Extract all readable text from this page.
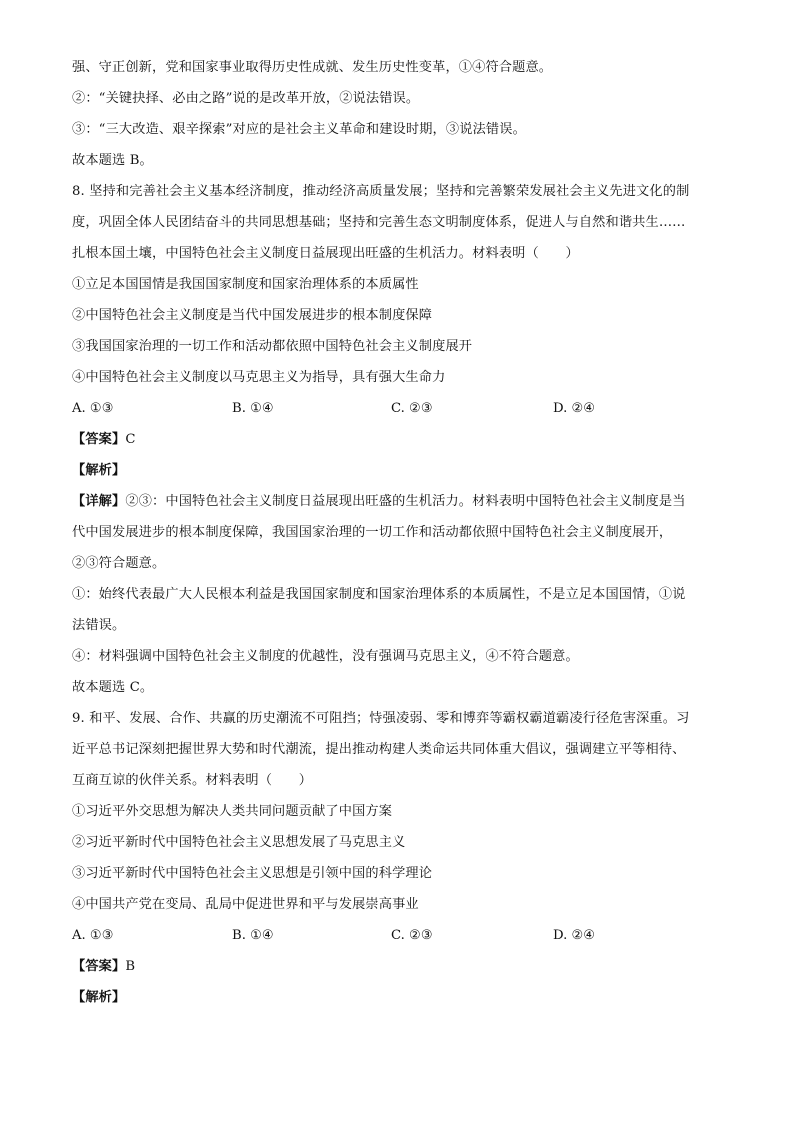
强、守正创新，党和国家事业取得历史性成就、发生历史性变革，①④符合题意。

②：“关键抉择、必由之路”说的是改革开放，②说法错误。

③：“三大改造、艰辛探索”对应的是社会主义革命和建设时期，③说法错误。

故本题选 B。

8. 坚持和完善社会主义基本经济制度，推动经济高质量发展；坚持和完善繁荣发展社会主义先进文化的制

度，巩固全体人民团结奋斗的共同思想基础；坚持和完善生态文明制度体系，促进人与自然和谐共生……

扎根本国土壤，中国特色社会主义制度日益展现出旺盛的生机活力。材料表明（　　）

①立足本国国情是我国国家制度和国家治理体系的本质属性

②中国特色社会主义制度是当代中国发展进步的根本制度保障

③我国国家治理的一切工作和活动都依照中国特色社会主义制度展开

④中国特色社会主义制度以马克思主义为指导，具有强大生命力

A. ①③	B. ①④	C. ②③	D. ②④

【答案】C

【解析】

【详解】②③：中国特色社会主义制度日益展现出旺盛的生机活力。材料表明中国特色社会主义制度是当

代中国发展进步的根本制度保障，我国国家治理的一切工作和活动都依照中国特色社会主义制度展开，

②③符合题意。

①：始终代表最广大人民根本利益是我国国家制度和国家治理体系的本质属性，不是立足本国国情，①说

法错误。

④：材料强调中国特色社会主义制度的优越性，没有强调马克思主义，④不符合题意。

故本题选 C。

9. 和平、发展、合作、共赢的历史潮流不可阻挡；恃强凌弱、零和博弈等霸权霸道霸凌行径危害深重。习

近平总书记深刻把握世界大势和时代潮流，提出推动构建人类命运共同体重大倡议，强调建立平等相待、

互商互谅的伙伴关系。材料表明（　　）

①习近平外交思想为解决人类共同问题贡献了中国方案

②习近平新时代中国特色社会主义思想发展了马克思主义

③习近平新时代中国特色社会主义思想是引领中国的科学理论

④中国共产党在变局、乱局中促进世界和平与发展崇高事业

A. ①③	B. ①④	C. ②③	D. ②④

【答案】B

【解析】
